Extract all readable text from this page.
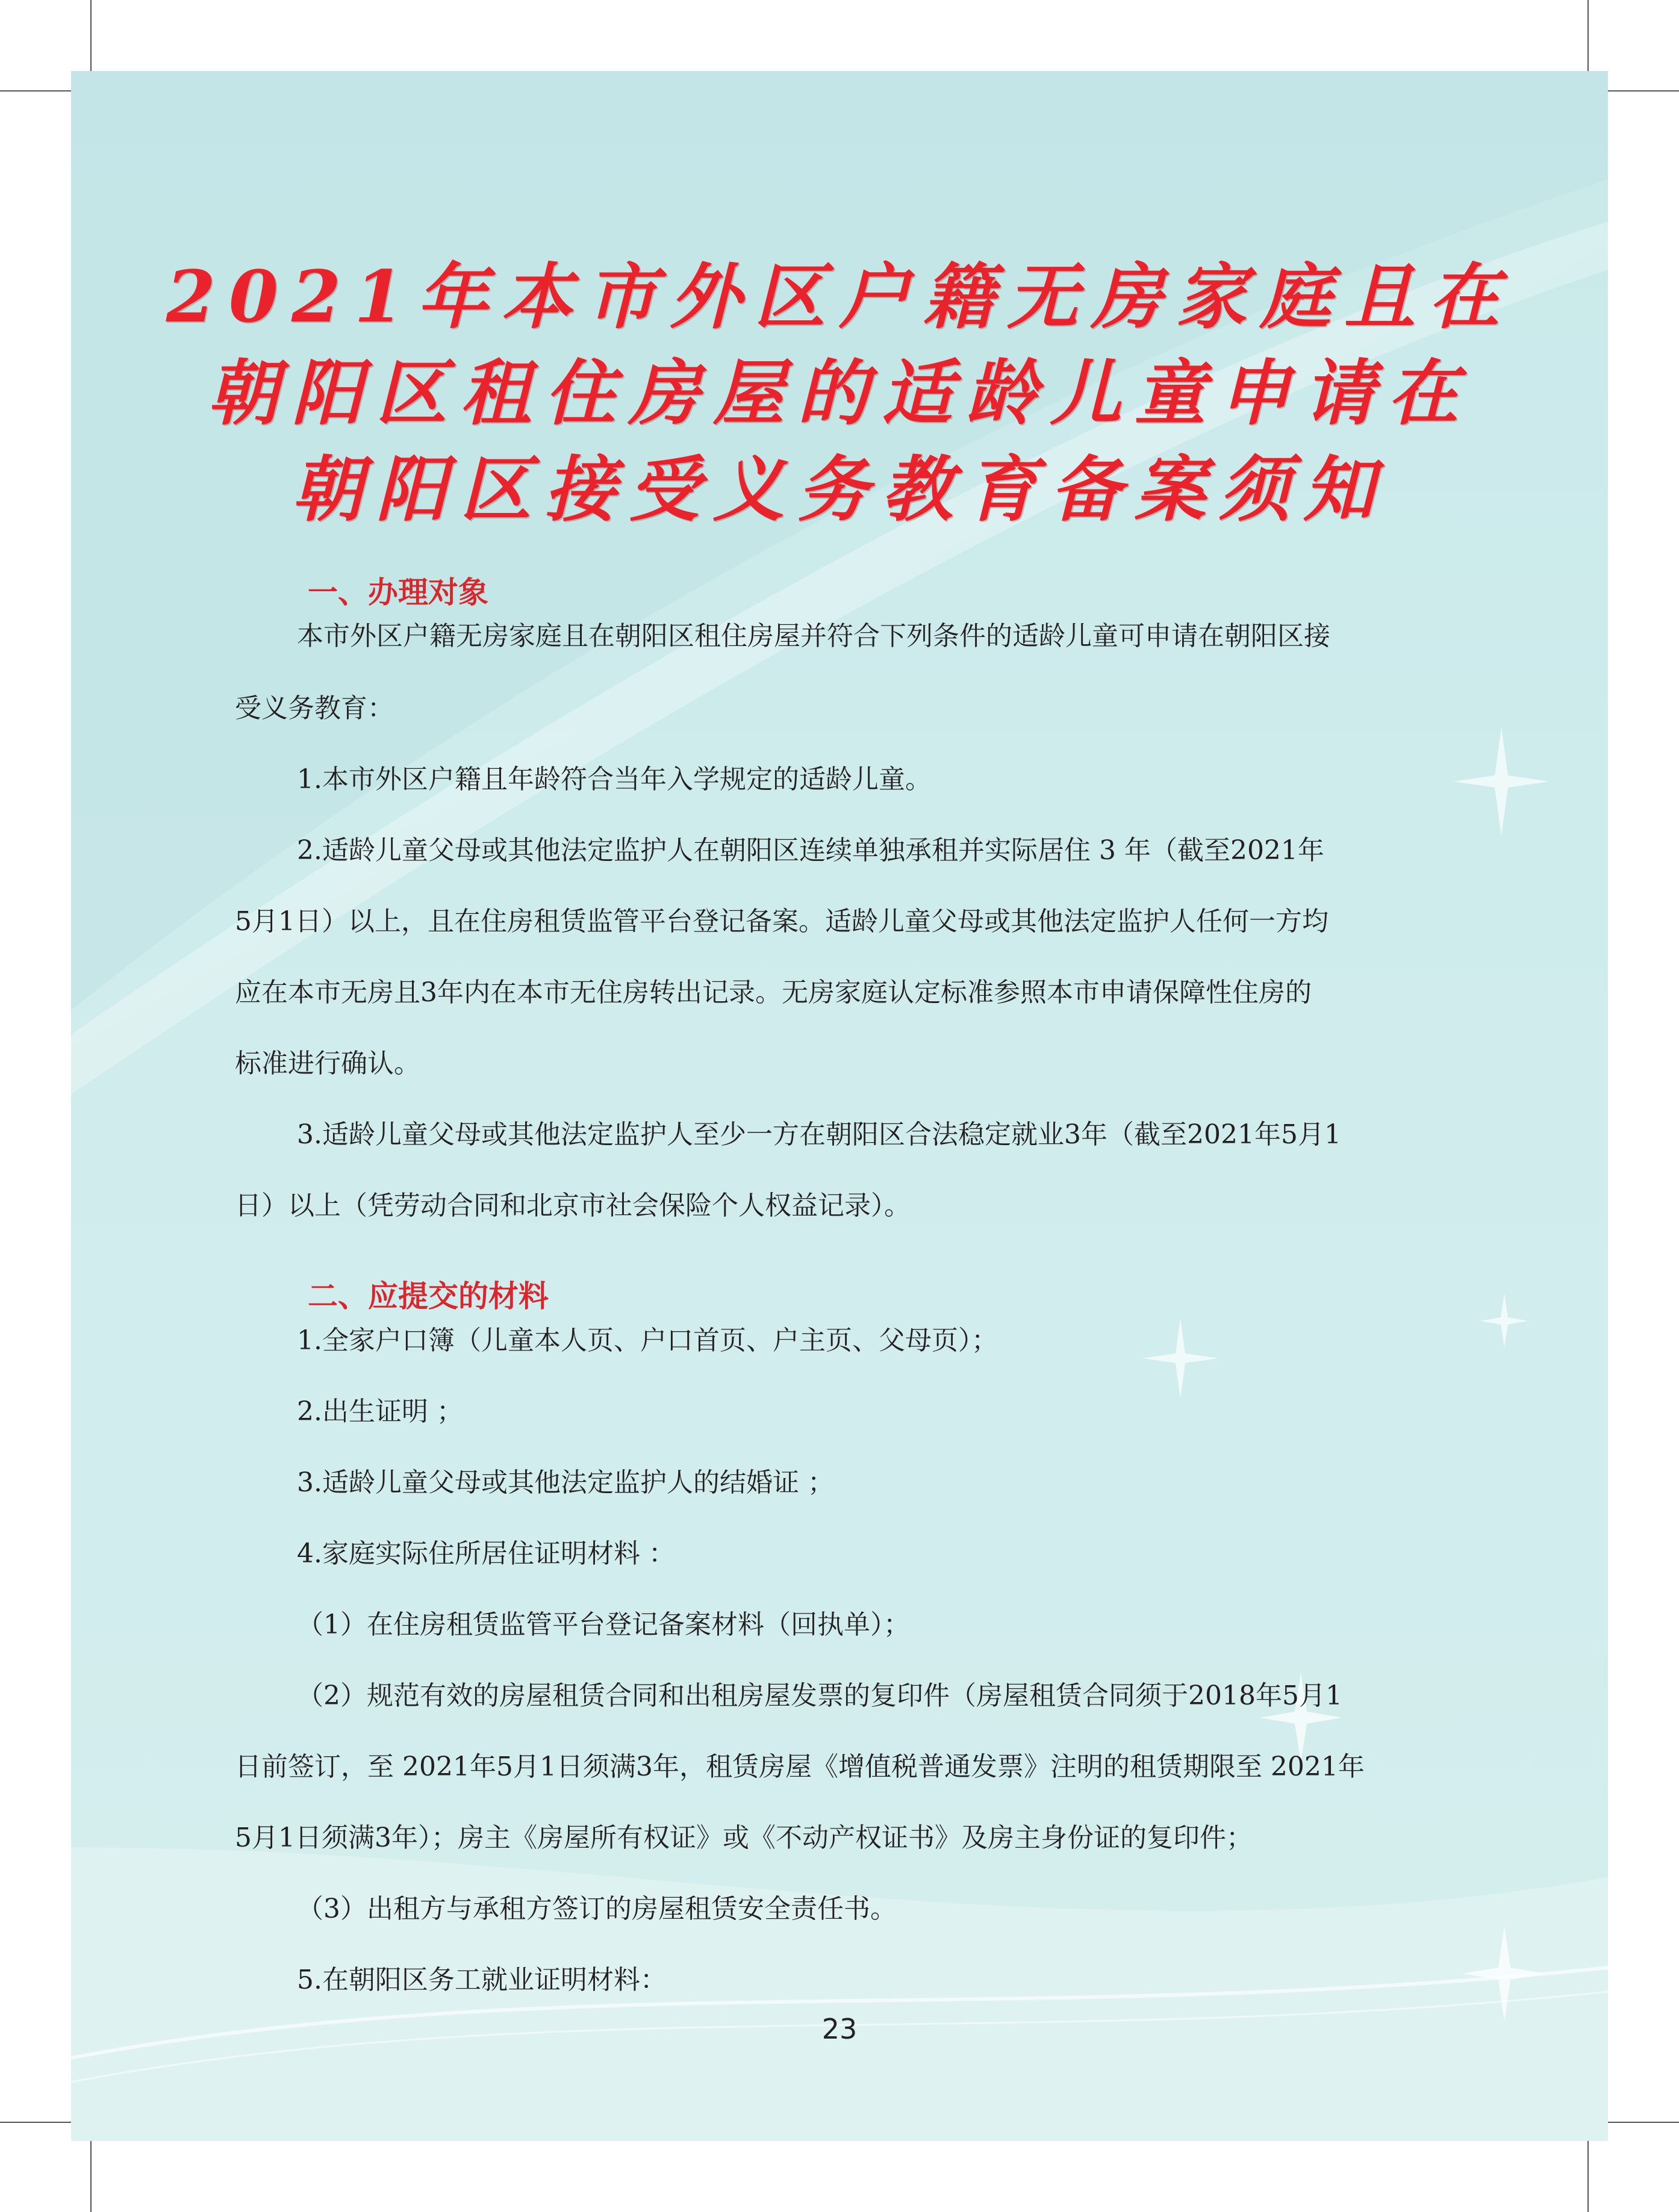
2021年本市外区户籍无房家庭且在
朝阳区租住房屋的适龄儿童申请在
朝阳区接受义务教育备案须知
一、办理对象
本市外区户籍无房家庭且在朝阳区租住房屋并符合下列条件的适龄儿童可申请在朝阳区接
受义务教育：
1.本市外区户籍且年龄符合当年入学规定的适龄儿童。
2.适龄儿童父母或其他法定监护人在朝阳区连续单独承租并实际居住 3 年（截至2021年
5月1日）以上，且在住房租赁监管平台登记备案。适龄儿童父母或其他法定监护人任何一方均
应在本市无房且3年内在本市无住房转出记录。无房家庭认定标准参照本市申请保障性住房的
标准进行确认。
3.适龄儿童父母或其他法定监护人至少一方在朝阳区合法稳定就业3年（截至2021年5月1
日）以上（凭劳动合同和北京市社会保险个人权益记录）。
二、应提交的材料
1.全家户口簿（儿童本人页、户口首页、户主页、父母页）；
2.出生证明 ；
3.适龄儿童父母或其他法定监护人的结婚证 ；
4.家庭实际住所居住证明材料 ：
（1）在住房租赁监管平台登记备案材料（回执单）；
（2）规范有效的房屋租赁合同和出租房屋发票的复印件（房屋租赁合同须于2018年5月1
日前签订，至 2021年5月1日须满3年，租赁房屋《增值税普通发票》注明的租赁期限至 2021年
5月1日须满3年）；房主《房屋所有权证》或《不动产权证书》及房主身份证的复印件；
（3）出租方与承租方签订的房屋租赁安全责任书。
5.在朝阳区务工就业证明材料：
23
